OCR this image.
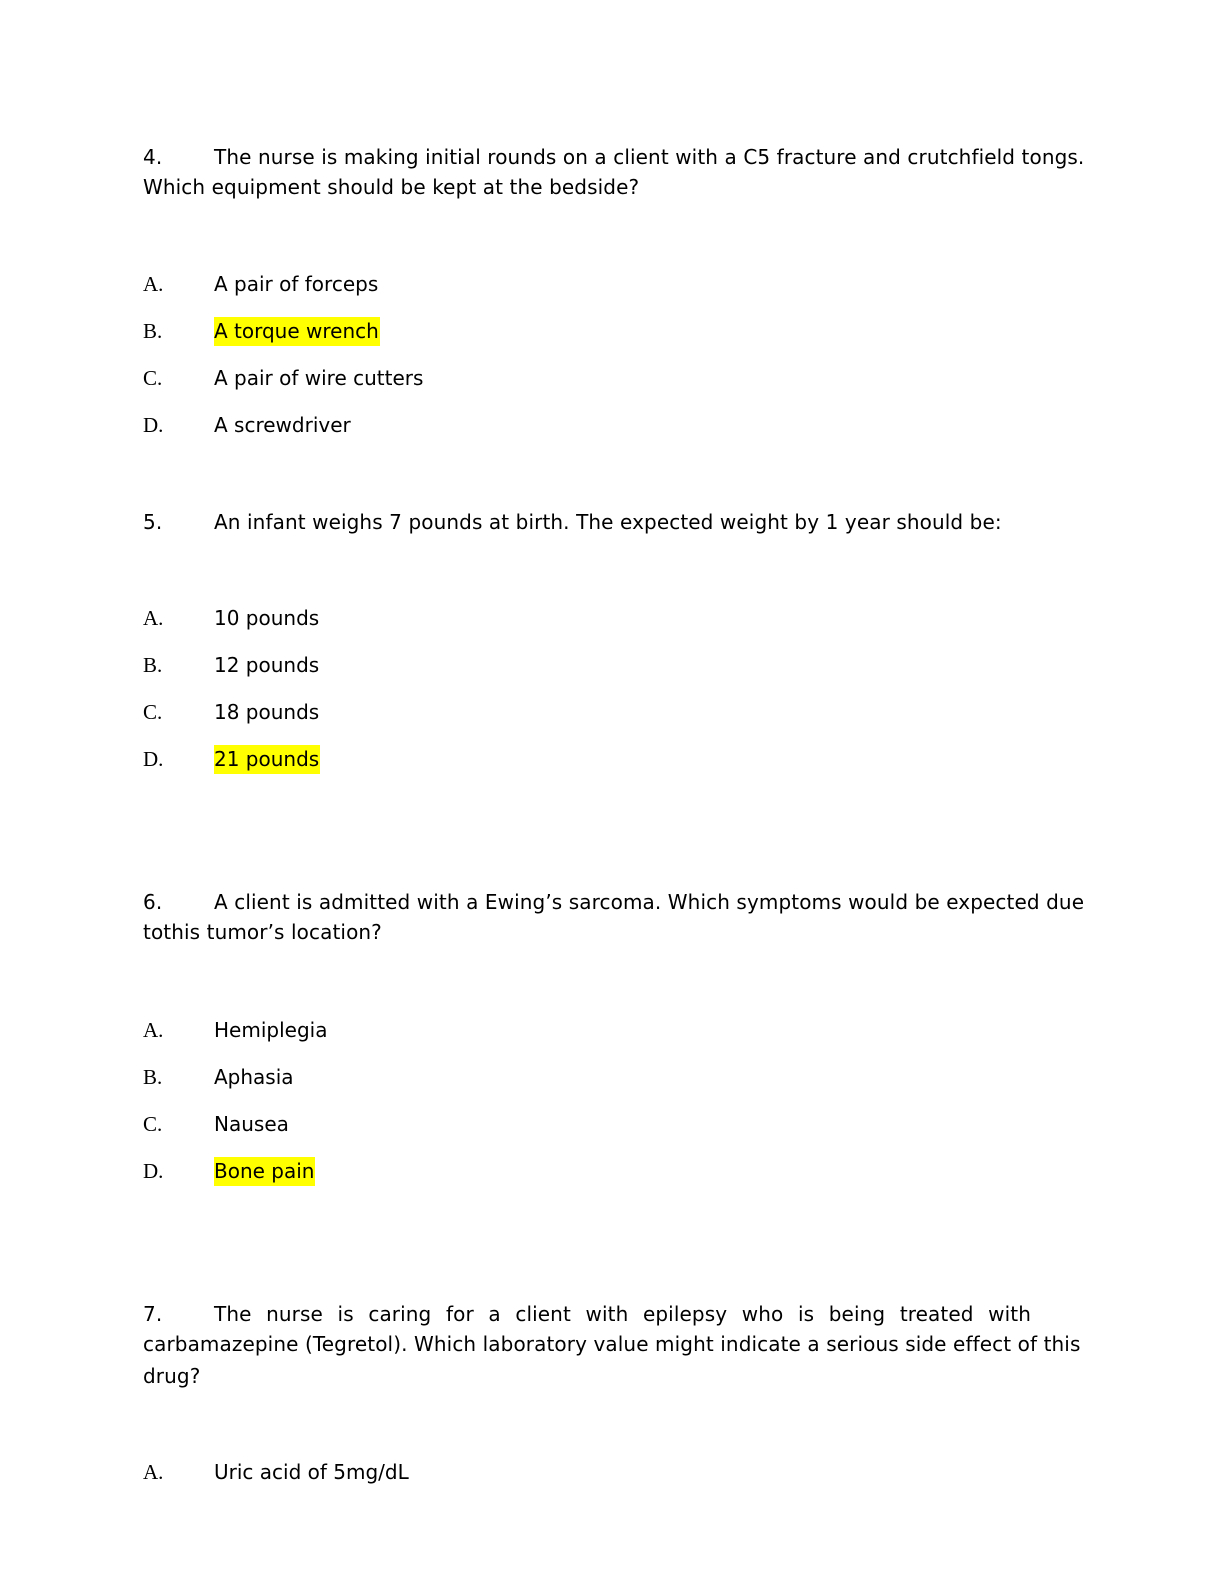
4.	The nurse is making initial rounds on a client with a C5 fracture and crutchfield tongs.
Which equipment should be kept at the bedside?
A.	A pair of forceps
B.	A torque wrench
C.	A pair of wire cutters
D.	A screwdriver
5.	An infant weighs 7 pounds at birth. The expected weight by 1 year should be:
A.	10 pounds
B.	12 pounds
C.	18 pounds
D.	21 pounds
6.	A client is admitted with a Ewing’s sarcoma. Which symptoms would be expected due
tothis tumor’s location?
A.	Hemiplegia
B.	Aphasia
C.	Nausea
D.	Bone pain
7.	The nurse is caring for a client with epilepsy who is being treated with
carbamazepine (Tegretol). Which laboratory value might indicate a serious side effect of this
drug?
A.	Uric acid of 5mg/dL
